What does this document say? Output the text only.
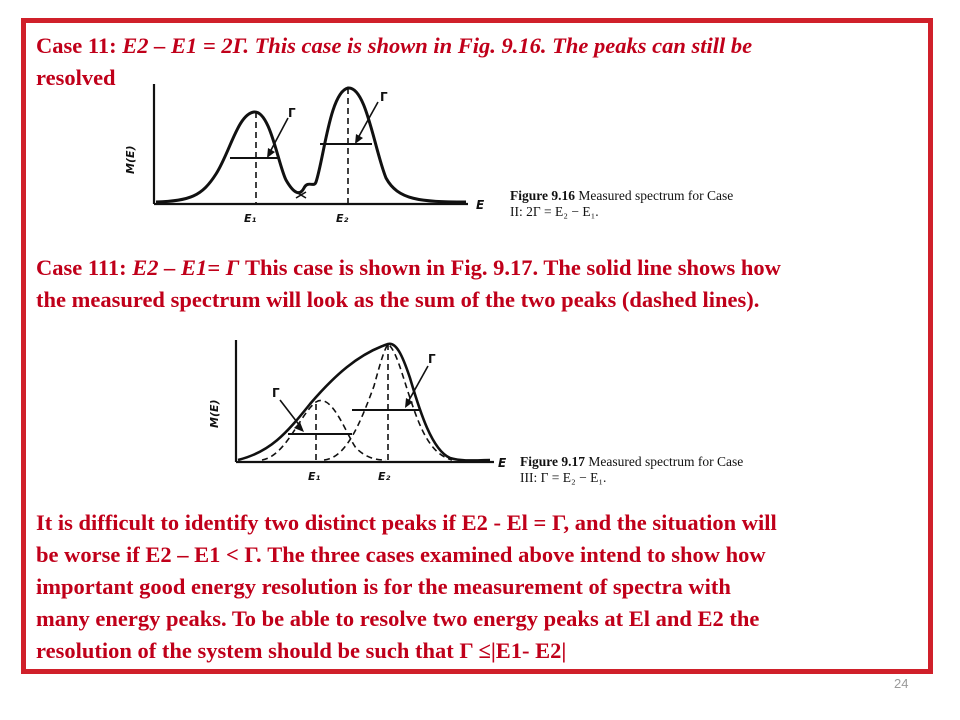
Case 11: E2 – E1 = 2Γ. This case is shown in Fig. 9.16. The peaks can still be

resolved

M(E)
E
E₁	E₂
Γ
Γ
Figure 9.16 Measured spectrum for Case
II: 2Γ = E₂ − E₁.

Case 111: E2 – E1= Γ This case is shown in Fig. 9.17. The solid line shows how

the measured spectrum will look as the sum of the two peaks (dashed lines).

M(E)
E
E₁	E₂
Γ
Γ
Figure 9.17 Measured spectrum for Case
III: Γ = E₂ − E₁.

It is difficult to identify two distinct peaks if E2 - El = Γ, and the situation will

be worse if E2 – E1 < Γ. The three cases examined above intend to show how

important good energy resolution is for the measurement of spectra with

many energy peaks. To be able to resolve two energy peaks at El and E2 the

resolution of the system should be such that Γ ≤|E1- E2|

24
